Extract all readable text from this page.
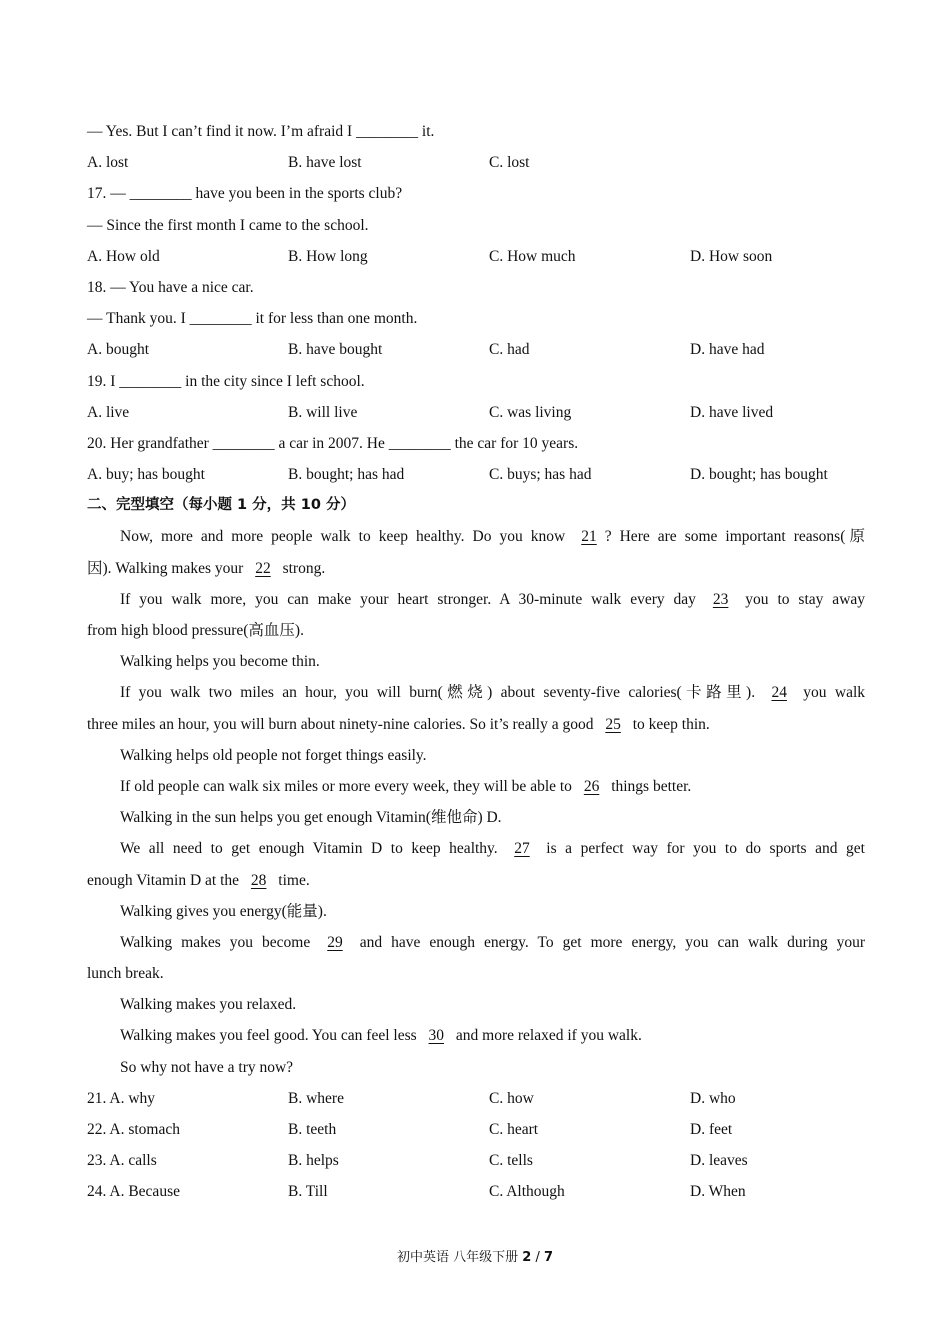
— Yes. But I can’t find it now. I’m afraid I ________ it.
A. lost	B. have lost	C. lost
17. — ________ have you been in the sports club?
— Since the first month I came to the school.
A. How old	B. How long	C. How much	D. How soon
18. — You have a nice car.
— Thank you. I ________ it for less than one month.
A. bought	B. have bought	C. had	D. have had
19. I ________ in the city since I left school.
A. live	B. will live	C. was living	D. have lived
20. Her grandfather ________ a car in 2007. He ________ the car for 10 years.
A. buy; has bought	B. bought; has had	C. buys; has had	D. bought; has bought
二、完型填空（每小题 1 分，共 10 分）
Now, more and more people walk to keep healthy. Do you know 21 ? Here are some important reasons(原
因). Walking makes your 22 strong.
If you walk more, you can make your heart stronger. A 30-minute walk every day 23 you to stay away
from high blood pressure(高血压).
Walking helps you become thin.
If you walk two miles an hour, you will burn(燃烧) about seventy-five calories(卡路里). 24 you walk
three miles an hour, you will burn about ninety-nine calories. So it’s really a good 25 to keep thin.
Walking helps old people not forget things easily.
If old people can walk six miles or more every week, they will be able to 26 things better.
Walking in the sun helps you get enough Vitamin(维他命) D.
We all need to get enough Vitamin D to keep healthy. 27 is a perfect way for you to do sports and get
enough Vitamin D at the 28 time.
Walking gives you energy(能量).
Walking makes you become 29 and have enough energy. To get more energy, you can walk during your
lunch break.
Walking makes you relaxed.
Walking makes you feel good. You can feel less 30 and more relaxed if you walk.
So why not have a try now?
21. A. why	B. where	C. how	D. who
22. A. stomach	B. teeth	C. heart	D. feet
23. A. calls	B. helps	C. tells	D. leaves
24. A. Because	B. Till	C. Although	D. When
初中英语 八年级下册 2 / 7
